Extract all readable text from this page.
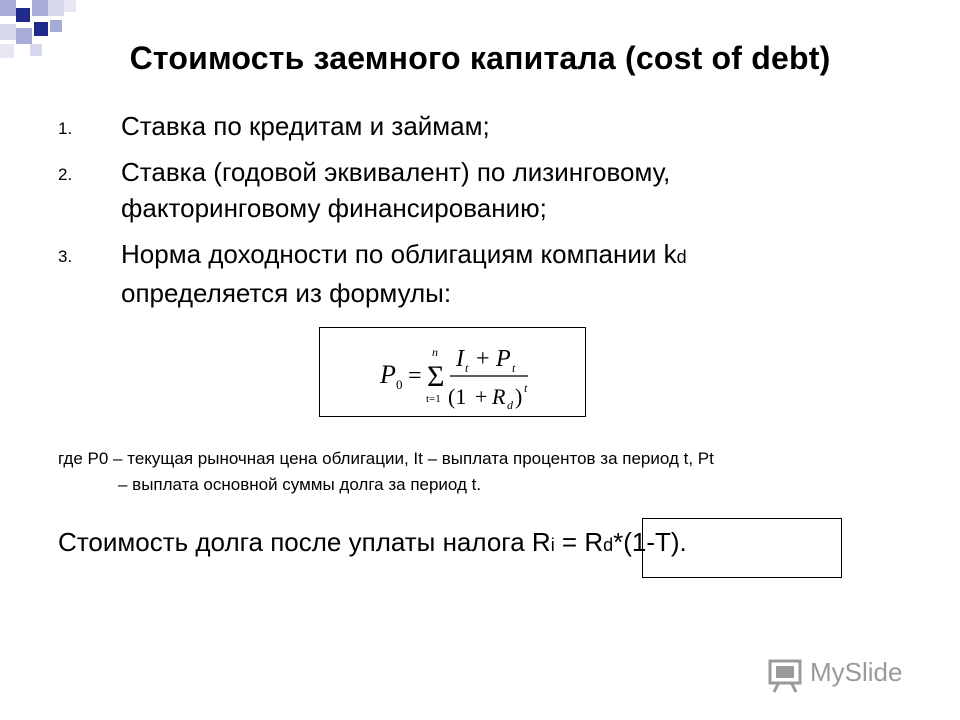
Стоимость заемного капитала (cost of debt)
1. Ставка по кредитам и займам;
2. Ставка (годовой эквивалент) по лизинговому,
факторинговому финансированию;
3. Норма доходности по облигациям компании kd
определяется из формулы:
P 0 = Σ
n
t=1
I t + P t
(1 + R d ) t
где P0 – текущая рыночная цена облигации, It – выплата процентов за период t, Pt
– выплата основной суммы долга за период t.
Стоимость долга после уплаты налога Ri = Rd*(1-T).
MySlide
